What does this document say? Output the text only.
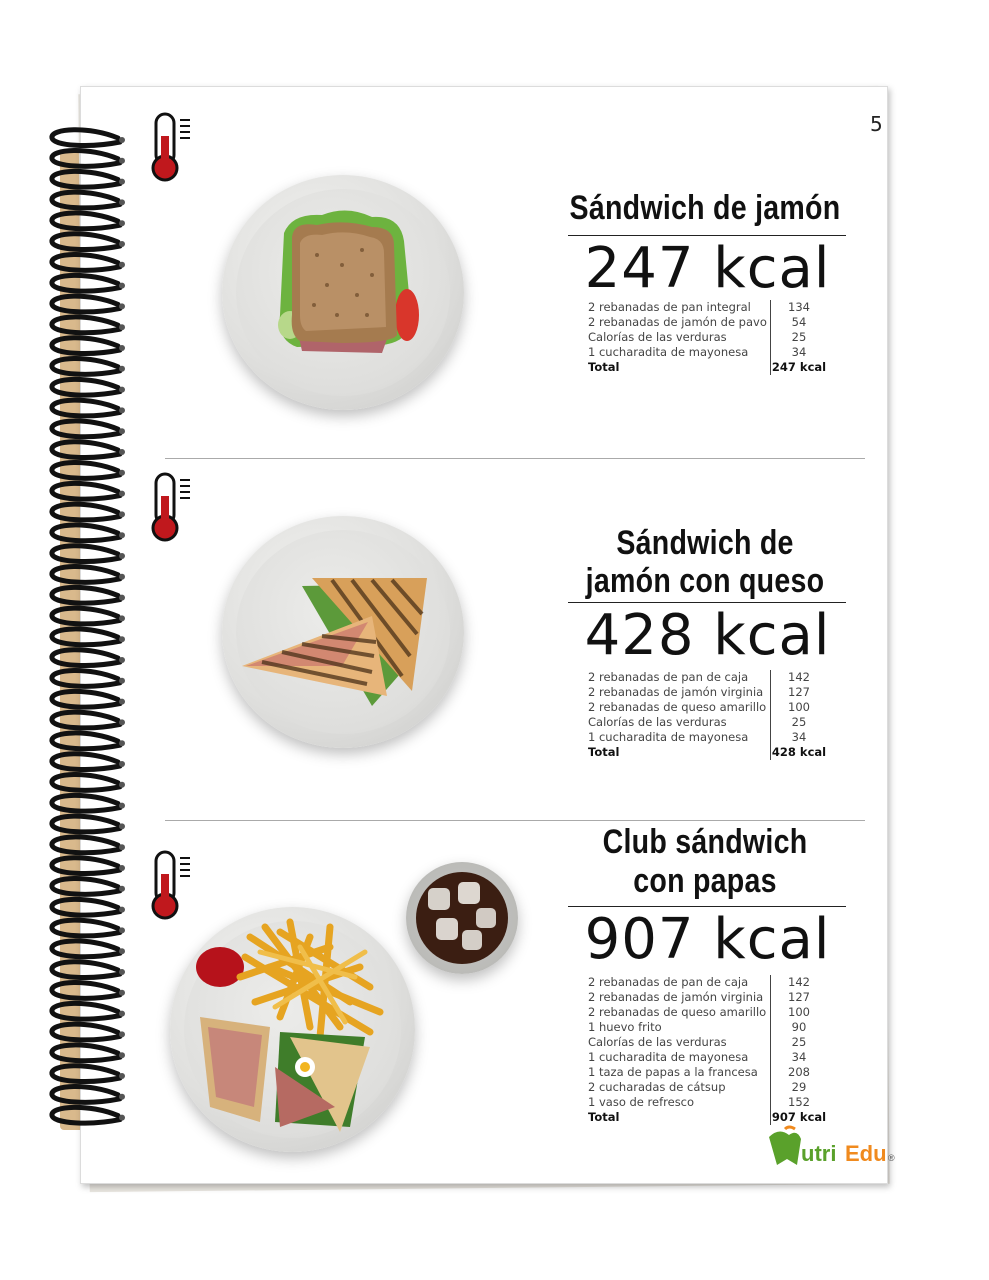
5
Sándwich de jamón
247 kcal
2 rebanadas de pan integral	134
2 rebanadas de jamón de pavo	54
Calorías de las verduras	25
1 cucharadita de mayonesa	34
Total	247 kcal
Sándwich de
jamón con queso
428 kcal
2 rebanadas de pan de caja	142
2 rebanadas de jamón virginia	127
2 rebanadas de queso amarillo	100
Calorías de las verduras	25
1 cucharadita de mayonesa	34
Total	428 kcal
Club sándwich
con papas
907 kcal
2 rebanadas de pan de caja	142
2 rebanadas de jamón virginia	127
2 rebanadas de queso amarillo	100
1 huevo frito	90
Calorías de las verduras	25
1 cucharadita de mayonesa	34
1 taza de papas a la francesa	208
2 cucharadas de cátsup	29
1 vaso de refresco	152
Total	907 kcal
utri Edu ®
